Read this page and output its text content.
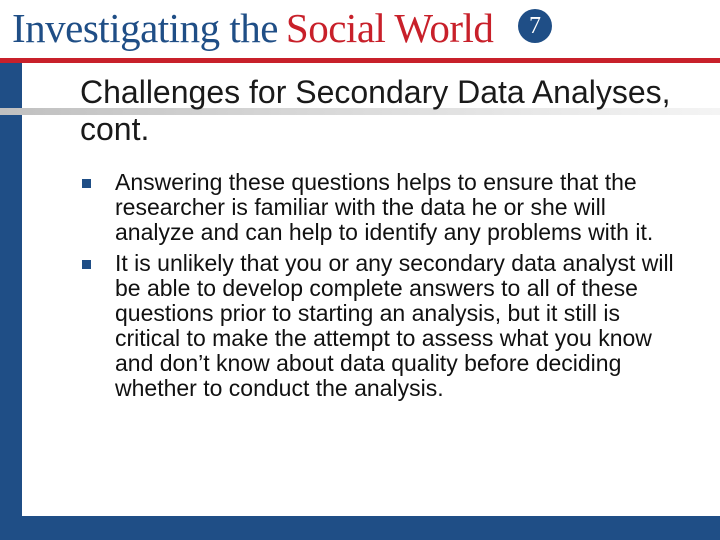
Investigating the Social World	7
Challenges for Secondary Data Analyses, cont.
Answering these questions helps to ensure that the researcher is familiar with the data he or she will analyze and can help to identify any problems with it.
It is unlikely that you or any secondary data analyst will be able to develop complete answers to all of these questions prior to starting an analysis, but it still is critical to make the attempt to assess what you know and don’t know about data quality before deciding whether to conduct the analysis.
